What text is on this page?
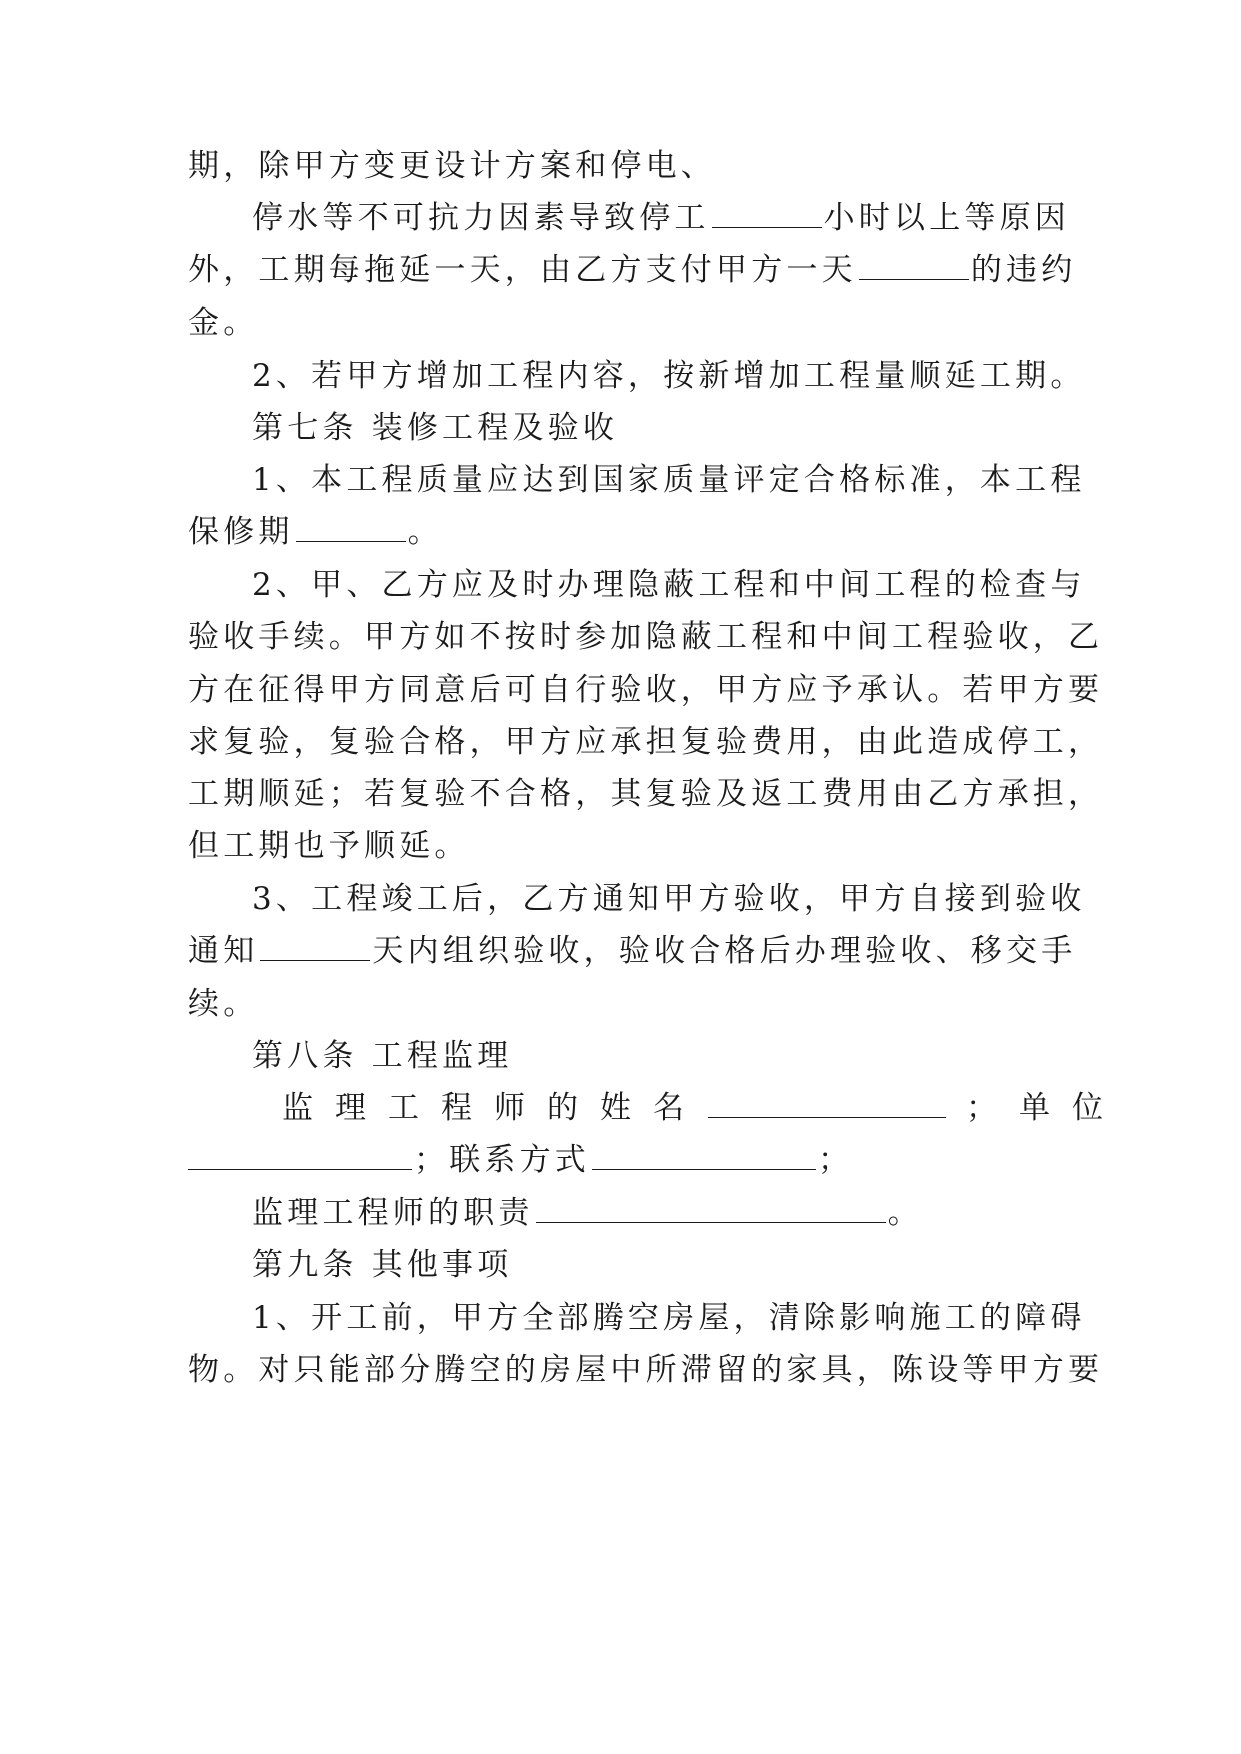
期，除甲方变更设计方案和停电、
停水等不可抗力因素导致停工	小时以上等原因
外，工期每拖延一天，由乙方支付甲方一天	的违约
金。
2、若甲方增加工程内容，按新增加工程量顺延工期。
第七条 装修工程及验收
1、本工程质量应达到国家质量评定合格标准，本工程
保修期	。
2、甲、乙方应及时办理隐蔽工程和中间工程的检查与
验收手续。甲方如不按时参加隐蔽工程和中间工程验收，乙
方在征得甲方同意后可自行验收，甲方应予承认。若甲方要
求复验，复验合格，甲方应承担复验费用，由此造成停工，
工期顺延；若复验不合格，其复验及返工费用由乙方承担，
但工期也予顺延。
3、工程竣工后，乙方通知甲方验收，甲方自接到验收
通知	天内组织验收，验收合格后办理验收、移交手
续。
第八条 工程监理
监理工程师的姓名	；单位
；联系方式	；
监理工程师的职责	。
第九条 其他事项
1、开工前，甲方全部腾空房屋，清除影响施工的障碍
物。对只能部分腾空的房屋中所滞留的家具，陈设等甲方要
